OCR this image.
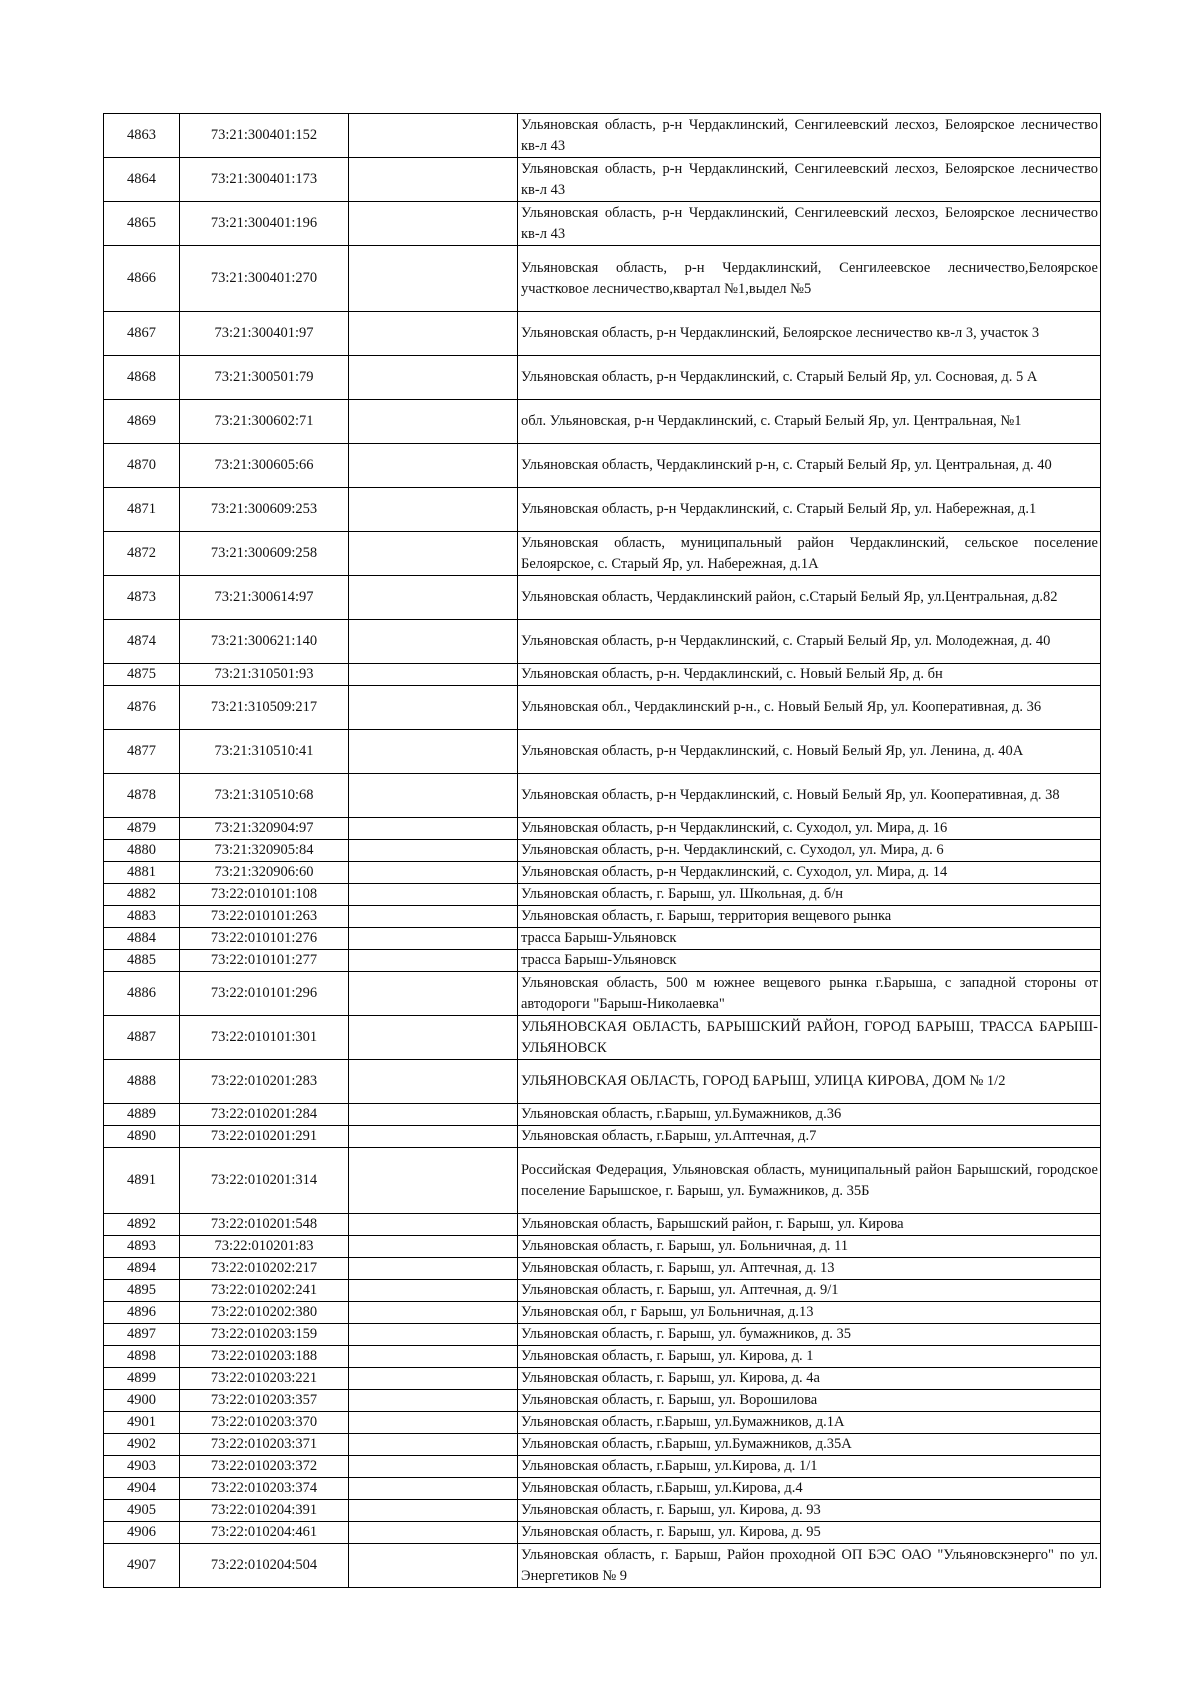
4863	73:21:300401:152		Ульяновская область, р-н Чердаклинский, Сенгилеевский лесхоз, Белоярское лесничество кв-л 43
4864	73:21:300401:173		Ульяновская область, р-н Чердаклинский, Сенгилеевский лесхоз, Белоярское лесничество кв-л 43
4865	73:21:300401:196		Ульяновская область, р-н Чердаклинский, Сенгилеевский лесхоз, Белоярское лесничество кв-л 43
4866	73:21:300401:270		Ульяновская область, р-н Чердаклинский, Сенгилеевское лесничество,Белоярское участковое лесничество,квартал №1,выдел №5
4867	73:21:300401:97		Ульяновская область, р-н Чердаклинский, Белоярское лесничество кв-л 3, участок 3
4868	73:21:300501:79		Ульяновская область, р-н Чердаклинский, с. Старый Белый Яр, ул. Сосновая, д. 5 А
4869	73:21:300602:71		обл. Ульяновская, р-н Чердаклинский, с. Старый Белый Яр, ул. Центральная, №1
4870	73:21:300605:66		Ульяновская область, Чердаклинский р-н, с. Старый Белый Яр, ул. Центральная, д. 40
4871	73:21:300609:253		Ульяновская область, р-н Чердаклинский, с. Старый Белый Яр, ул. Набережная, д.1
4872	73:21:300609:258		Ульяновская область, муниципальный район Чердаклинский, сельское поселение Белоярское, с. Старый Яр, ул. Набережная, д.1А
4873	73:21:300614:97		Ульяновская область, Чердаклинский район, с.Старый Белый Яр, ул.Центральная, д.82
4874	73:21:300621:140		Ульяновская область, р-н Чердаклинский, с. Старый Белый Яр, ул. Молодежная, д. 40
4875	73:21:310501:93		Ульяновская область, р-н. Чердаклинский, с. Новый Белый Яр, д. бн
4876	73:21:310509:217		Ульяновская обл., Чердаклинский р-н., с. Новый Белый Яр, ул. Кооперативная, д. 36
4877	73:21:310510:41		Ульяновская область, р-н Чердаклинский, с. Новый Белый Яр, ул. Ленина, д. 40А
4878	73:21:310510:68		Ульяновская область, р-н Чердаклинский, с. Новый Белый Яр, ул. Кооперативная, д. 38
4879	73:21:320904:97		Ульяновская область, р-н Чердаклинский, с. Суходол, ул. Мира, д. 16
4880	73:21:320905:84		Ульяновская область, р-н. Чердаклинский, с. Суходол, ул. Мира, д. 6
4881	73:21:320906:60		Ульяновская область, р-н Чердаклинский, с. Суходол, ул. Мира, д. 14
4882	73:22:010101:108		Ульяновская область, г. Барыш, ул. Школьная, д. б/н
4883	73:22:010101:263		Ульяновская область, г. Барыш, территория вещевого рынка
4884	73:22:010101:276		трасса Барыш-Ульяновск
4885	73:22:010101:277		трасса Барыш-Ульяновск
4886	73:22:010101:296		Ульяновская область, 500 м южнее вещевого рынка г.Барыша, с западной стороны от автодороги "Барыш-Николаевка"
4887	73:22:010101:301		УЛЬЯНОВСКАЯ ОБЛАСТЬ, БАРЫШСКИЙ РАЙОН, ГОРОД БАРЫШ, ТРАССА БАРЫШ-УЛЬЯНОВСК
4888	73:22:010201:283		УЛЬЯНОВСКАЯ ОБЛАСТЬ, ГОРОД БАРЫШ, УЛИЦА КИРОВА, ДОМ № 1/2
4889	73:22:010201:284		Ульяновская область, г.Барыш, ул.Бумажников, д.36
4890	73:22:010201:291		Ульяновская область, г.Барыш, ул.Аптечная, д.7
4891	73:22:010201:314		Российская Федерация, Ульяновская область, муниципальный район Барышский, городское поселение Барышское, г. Барыш, ул. Бумажников, д. 35Б
4892	73:22:010201:548		Ульяновская область, Барышский район, г. Барыш, ул. Кирова
4893	73:22:010201:83		Ульяновская область, г. Барыш, ул. Больничная, д. 11
4894	73:22:010202:217		Ульяновская область, г. Барыш, ул. Аптечная, д. 13
4895	73:22:010202:241		Ульяновская область, г. Барыш, ул. Аптечная, д. 9/1
4896	73:22:010202:380		Ульяновская обл, г Барыш, ул Больничная, д.13
4897	73:22:010203:159		Ульяновская область, г. Барыш, ул. бумажников, д. 35
4898	73:22:010203:188		Ульяновская область, г. Барыш, ул. Кирова, д. 1
4899	73:22:010203:221		Ульяновская область, г. Барыш, ул. Кирова, д. 4а
4900	73:22:010203:357		Ульяновская область, г. Барыш, ул. Ворошилова
4901	73:22:010203:370		Ульяновская область, г.Барыш, ул.Бумажников, д.1А
4902	73:22:010203:371		Ульяновская область, г.Барыш, ул.Бумажников, д.35А
4903	73:22:010203:372		Ульяновская область, г.Барыш, ул.Кирова, д. 1/1
4904	73:22:010203:374		Ульяновская область, г.Барыш, ул.Кирова, д.4
4905	73:22:010204:391		Ульяновская область, г. Барыш, ул. Кирова, д. 93
4906	73:22:010204:461		Ульяновская область, г. Барыш, ул. Кирова, д. 95
4907	73:22:010204:504		Ульяновская область, г. Барыш, Район проходной ОП БЭС ОАО "Ульяновскэнерго" по ул. Энергетиков № 9
